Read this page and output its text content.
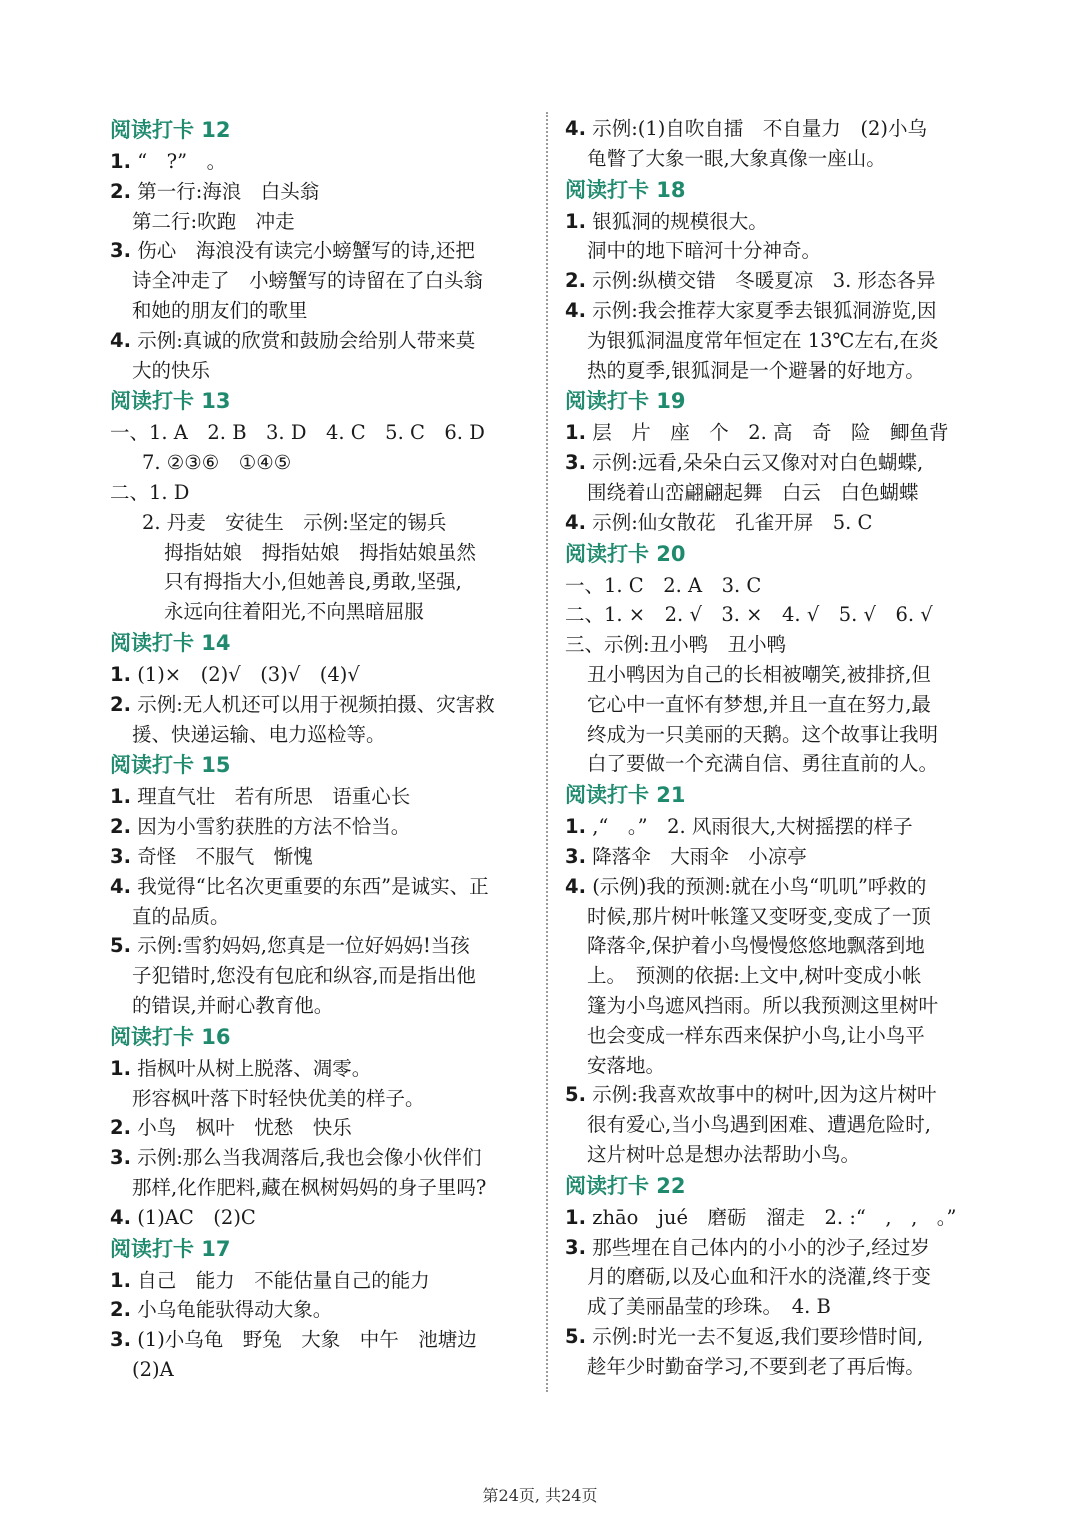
阅读打卡 12
1. “　?”　。
2. 第一行:海浪　白头翁
第二行:吹跑　冲走
3. 伤心　海浪没有读完小螃蟹写的诗,还把
诗全冲走了　小螃蟹写的诗留在了白头翁
和她的朋友们的歌里
4. 示例:真诚的欣赏和鼓励会给别人带来莫
大的快乐
阅读打卡 13
一、1. A　2. B　3. D　4. C　5. C　6. D
7. ②③⑥　①④⑤
二、1. D
2. 丹麦　安徒生　示例:坚定的锡兵
拇指姑娘　拇指姑娘　拇指姑娘虽然
只有拇指大小,但她善良,勇敢,坚强,
永远向往着阳光,不向黑暗屈服
阅读打卡 14
1. (1)×　(2)√　(3)√　(4)√
2. 示例:无人机还可以用于视频拍摄、灾害救
援、快递运输、电力巡检等。
阅读打卡 15
1. 理直气壮　若有所思　语重心长
2. 因为小雪豹获胜的方法不恰当。
3. 奇怪　不服气　惭愧
4. 我觉得“比名次更重要的东西”是诚实、正
直的品质。
5. 示例:雪豹妈妈,您真是一位好妈妈!当孩
子犯错时,您没有包庇和纵容,而是指出他
的错误,并耐心教育他。
阅读打卡 16
1. 指枫叶从树上脱落、凋零。
形容枫叶落下时轻快优美的样子。
2. 小鸟　枫叶　忧愁　快乐
3. 示例:那么当我凋落后,我也会像小伙伴们
那样,化作肥料,藏在枫树妈妈的身子里吗?
4. (1)AC　(2)C
阅读打卡 17
1. 自己　能力　不能估量自己的能力
2. 小乌龟能驮得动大象。
3. (1)小乌龟　野兔　大象　中午　池塘边
(2)A
4. 示例:(1)自吹自擂　不自量力　(2)小乌
龟瞥了大象一眼,大象真像一座山。
阅读打卡 18
1. 银狐洞的规模很大。
洞中的地下暗河十分神奇。
2. 示例:纵横交错　冬暖夏凉　3. 形态各异
4. 示例:我会推荐大家夏季去银狐洞游览,因
为银狐洞温度常年恒定在 13℃左右,在炎
热的夏季,银狐洞是一个避暑的好地方。
阅读打卡 19
1. 层　片　座　个　2. 高　奇　险　鲫鱼背
3. 示例:远看,朵朵白云又像对对白色蝴蝶,
围绕着山峦翩翩起舞　白云　白色蝴蝶
4. 示例:仙女散花　孔雀开屏　5. C
阅读打卡 20
一、1. C　2. A　3. C
二、1. ×　2. √　3. ×　4. √　5. √　6. √
三、示例:丑小鸭　丑小鸭
丑小鸭因为自己的长相被嘲笑,被排挤,但
它心中一直怀有梦想,并且一直在努力,最
终成为一只美丽的天鹅。这个故事让我明
白了要做一个充满自信、勇往直前的人。
阅读打卡 21
1. ,“　。”　2. 风雨很大,大树摇摆的样子
3. 降落伞　大雨伞　小凉亭
4. (示例)我的预测:就在小鸟“叽叽”呼救的
时候,那片树叶帐篷又变呀变,变成了一顶
降落伞,保护着小鸟慢慢悠悠地飘落到地
上。　预测的依据:上文中,树叶变成小帐
篷为小鸟遮风挡雨。所以我预测这里树叶
也会变成一样东西来保护小鸟,让小鸟平
安落地。
5. 示例:我喜欢故事中的树叶,因为这片树叶
很有爱心,当小鸟遇到困难、遭遇危险时,
这片树叶总是想办法帮助小鸟。
阅读打卡 22
1. zhāo　jué　磨砺　溜走　2. :“　,　,　。”
3. 那些埋在自己体内的小小的沙子,经过岁
月的磨砺,以及心血和汗水的浇灌,终于变
成了美丽晶莹的珍珠。　4. B
5. 示例:时光一去不复返,我们要珍惜时间,
趁年少时勤奋学习,不要到老了再后悔。
第24页, 共24页
